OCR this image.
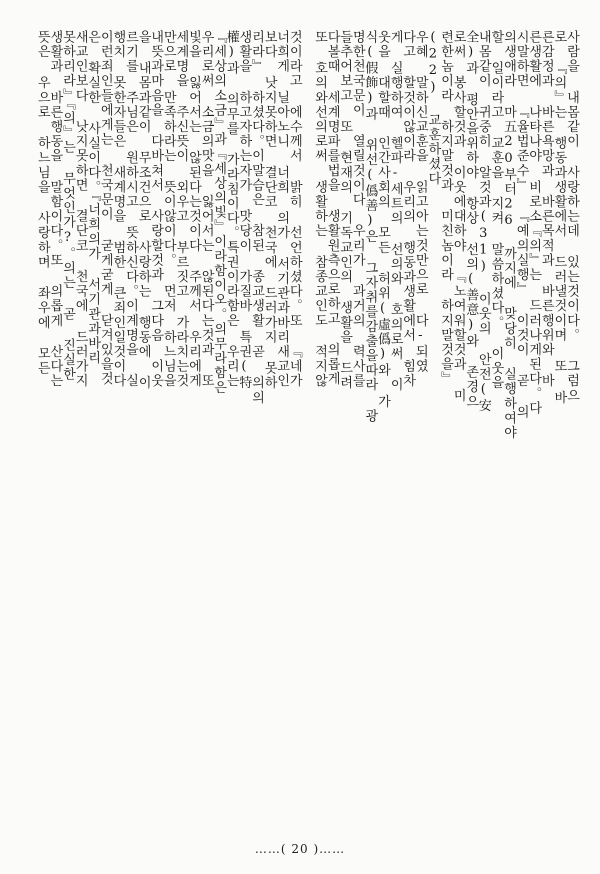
사람을 내몸같이 사랑하는데 있는것이다。 그럼으
로 『의』는 행동과생활에서 드러낼것이며 또 바
른감정과 바른욕망과 바른목적과 바른행위와 바
른생활에 나타나야 비로소『의』는 드러나게된다。다
시말하면 『율법준수』 『예의실행』 이것이 곧 의
의생애라 마五20부터26 까지에 맞당히 실행하여야
할 일이라고 교훈을 지켜 말씀하셨다。 이웃을
내몸같이 귀중히 알것과(31) 이웃의 안전(安
全)과 평안을위하야 항상 선의(善意)와 존경으
로써 봉사할것과 이웃에대하야 『노여워할것과 미
련한놈이라 하지말것과 미친놈이라 하지말것을』
(22) 교훈하셨다
우혜 말하신교훈을 읽고아는것만으로 다-되였
다고 할것이않이라 우리의 행동과생활에서 힘차
게 실행하여 헬파-세트의 선의와 호의로써 이
웃을 대할때 인간사회의 모든 허위(虛僞)와 가
식(假飾)과 위선(僞善)은 그자취를감출을따라 광
명한천국문이 열릴것이다 우리가 과거의 력사를
들추어보고 또 현재의 기독교인의 생활을 드려
다볼때 세계명파를법을 생활원측으로하고 의롭게
또 호의와선의로써 생활하는 참종교인도 적지않
것이라고 에수께서 밝히 선언하셨다。또 『네가
너희게 닐아노니 너희 의가 서기관과바리새교인
보다 낫지못하면 결단코 천국에 드러가지 못하
리라』 하셨다。이말슴은 참된 종교생활 곧 의의
생활을 하고자하는자가 맛당이 가질바 특권(特
權)과 의무를 가라침이다。특권이라함은 우리는
『세상의소금』과『세상의빛』이라함이오。의무라함은
우리로써 소금의맛을 잃어서는 않된다는것과 또
빛을 잃어서는 않된다는것이다 주께서 우리에게
세계명을 주신뜻이 외우고 부르짓고 가라치는것
만으로 만족하라는 뜻이않이다。 먼저 하느님을
내뜻과마음을 다바쳐서 사랑할것과 그다음 이웃
을 내몸과같이 무조건으로 사랑하는 행동에 이
르기를 주님은 원하시고 뜻하신다。이계명을 실
행치 못한자들은 새계명을 범한 큰죄인일것이다
이런죄인들에게는 천국문이 굳게굳게 닫겨있을것
은 확실한 사실이다。『너희의가 서기관과바리
새교인보다 낫지못하면 결단코 천국에 드러가지
못하리라』『의』는 무엇인가?。의는 곧 진실한
생활과 바른행동을 말함이다。또 의롭게 산다는
뜻은 우으로 하느님을 사랑하며 좌우에 모든
……( 20 )……
